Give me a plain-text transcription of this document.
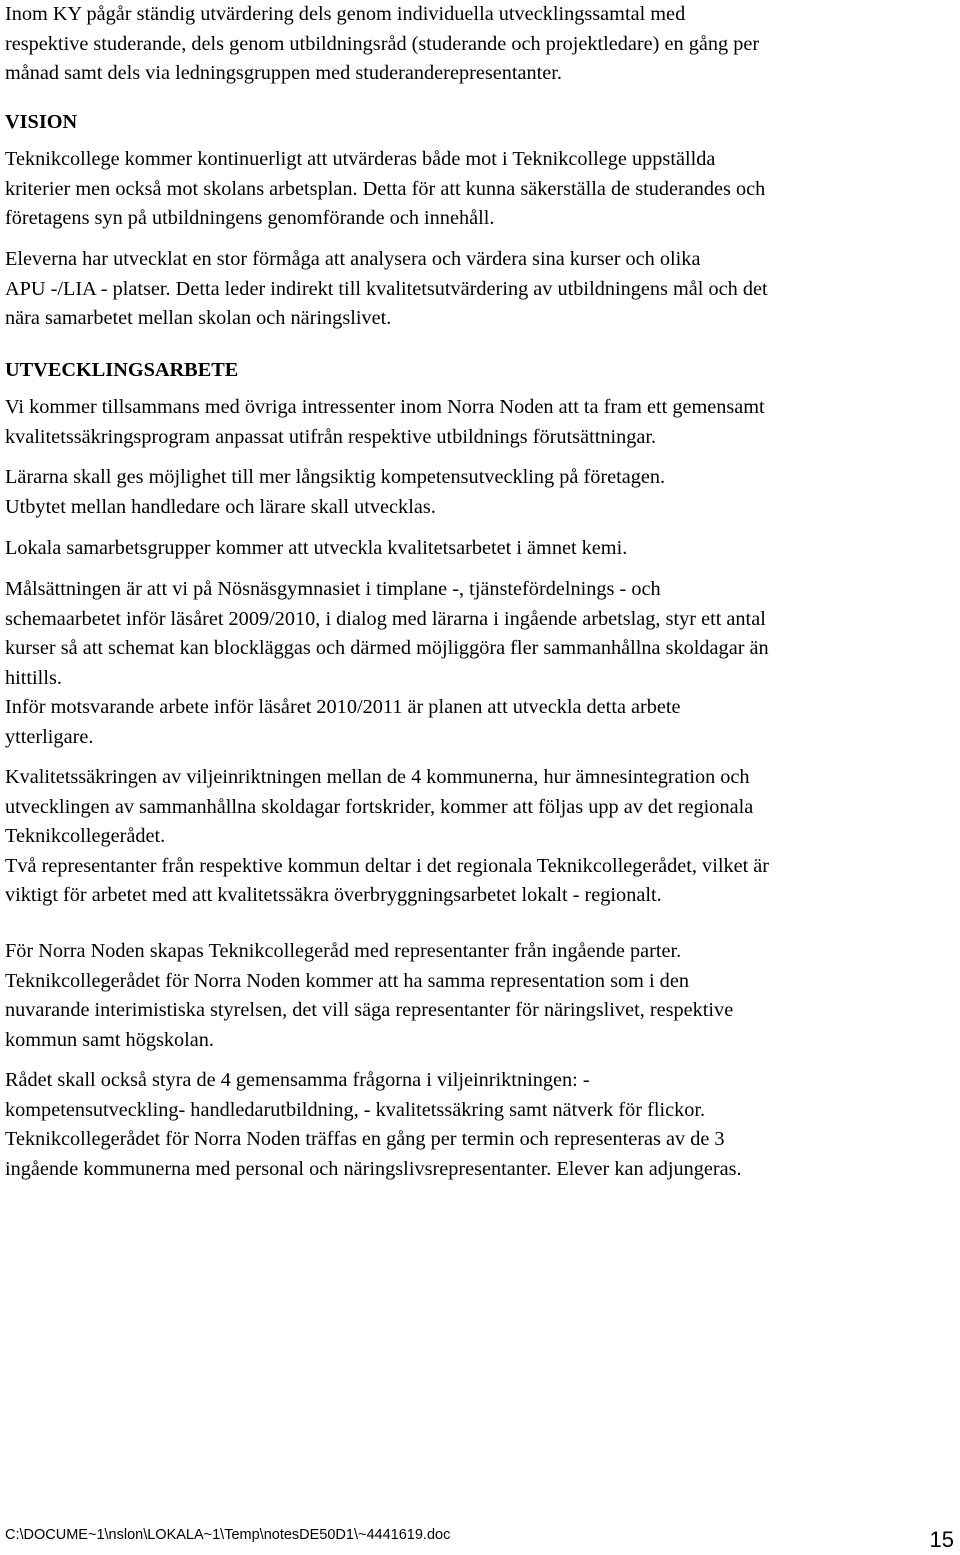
Inom KY pågår ständig utvärdering dels genom individuella utvecklingssamtal med
respektive studerande, dels genom utbildningsråd (studerande och projektledare) en gång per
månad samt dels via ledningsgruppen med studeranderepresentanter.
VISION
Teknikcollege kommer kontinuerligt att utvärderas både mot i Teknikcollege uppställda
kriterier men också mot skolans arbetsplan. Detta för att kunna säkerställa de studerandes och
företagens syn på utbildningens genomförande och innehåll.
Eleverna har utvecklat en stor förmåga att analysera och värdera sina kurser och olika
APU -/LIA - platser. Detta leder indirekt till kvalitetsutvärdering av utbildningens mål och det
nära samarbetet mellan skolan och näringslivet.
UTVECKLINGSARBETE
Vi kommer tillsammans med övriga intressenter inom Norra Noden att ta fram ett gemensamt
kvalitetssäkringsprogram anpassat utifrån respektive utbildnings förutsättningar.
Lärarna skall ges möjlighet till mer långsiktig kompetensutveckling på företagen.
Utbytet mellan handledare och lärare skall utvecklas.
Lokala samarbetsgrupper kommer att utveckla kvalitetsarbetet i ämnet kemi.
Målsättningen är att vi på Nösnäsgymnasiet i timplane -, tjänstefördelnings - och
schemaarbetet inför läsåret 2009/2010, i dialog med lärarna i ingående arbetslag, styr ett antal
kurser så att schemat kan blockläggas och därmed möjliggöra fler sammanhållna skoldagar än
hittills.
Inför motsvarande arbete inför läsåret 2010/2011 är planen att utveckla detta arbete
ytterligare.
Kvalitetssäkringen av viljeinriktningen mellan de 4 kommunerna, hur ämnesintegration och
utvecklingen av sammanhållna skoldagar fortskrider, kommer att följas upp av det regionala
Teknikcollegerådet.
Två representanter från respektive kommun deltar i det regionala Teknikcollegerådet, vilket är
viktigt för arbetet med att kvalitetssäkra överbryggningsarbetet lokalt - regionalt.
För Norra Noden skapas Teknikcollegeråd med representanter från ingående parter.
Teknikcollegerådet för Norra Noden kommer att ha samma representation som i den
nuvarande interimistiska styrelsen, det vill säga representanter för näringslivet, respektive
kommun samt högskolan.
Rådet skall också styra de 4 gemensamma frågorna i viljeinriktningen: -
kompetensutveckling- handledarutbildning, - kvalitetssäkring samt nätverk för flickor.
Teknikcollegerådet för Norra Noden träffas en gång per termin och representeras av de 3
ingående kommunerna med personal och näringslivsrepresentanter. Elever kan adjungeras.
C:\DOCUME~1\nslon\LOKALA~1\Temp\notesDE50D1\~4441619.doc	15
